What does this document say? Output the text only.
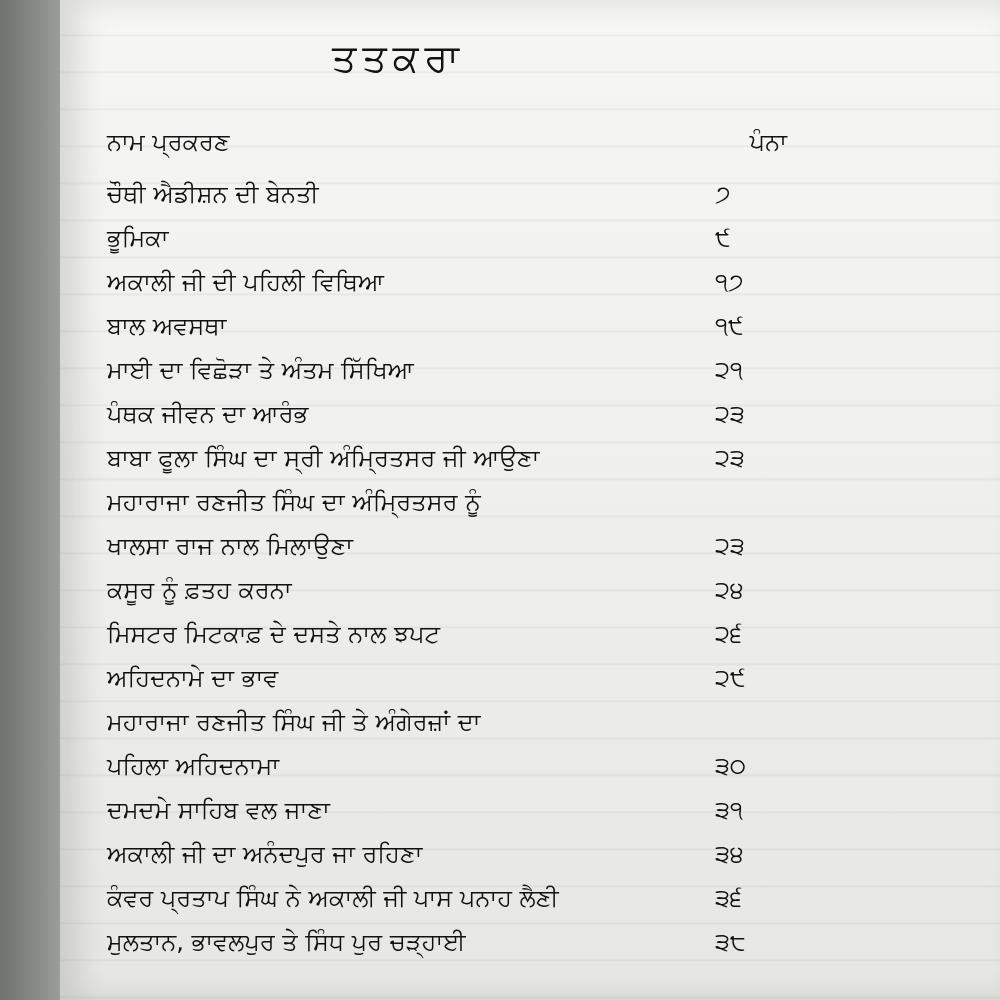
ਤਤਕਰਾ
ਨਾਮ ਪ੍ਰਕਰਣ	ਪੰਨਾ
ਚੌਥੀ ਐਡੀਸ਼ਨ ਦੀ ਬੇਨਤੀ	੭
ਭੂਮਿਕਾ	੯
ਅਕਾਲੀ ਜੀ ਦੀ ਪਹਿਲੀ ਵਿਥਿਆ	੧੭
ਬਾਲ ਅਵਸਥਾ	੧੯
ਮਾਈ ਦਾ ਵਿਛੋੜਾ ਤੇ ਅੰਤਮ ਸਿੱਖਿਆ	੨੧
ਪੰਥਕ ਜੀਵਨ ਦਾ ਆਰੰਭ	੨੩
ਬਾਬਾ ਫੂਲਾ ਸਿੰਘ ਦਾ ਸ੍ਰੀ ਅੰਮ੍ਰਿਤਸਰ ਜੀ ਆਉਣਾ	੨੩
ਮਹਾਰਾਜਾ ਰਣਜੀਤ ਸਿੰਘ ਦਾ ਅੰਮ੍ਰਿਤਸਰ ਨੂੰ
ਖਾਲਸਾ ਰਾਜ ਨਾਲ ਮਿਲਾਉਣਾ	੨੩
ਕਸੂਰ ਨੂੰ ਫ਼ਤਹ ਕਰਨਾ	੨੪
ਮਿਸਟਰ ਮਿਟਕਾਫ਼ ਦੇ ਦਸਤੇ ਨਾਲ ਝਪਟ	੨੬
ਅਹਿਦਨਾਮੇ ਦਾ ਭਾਵ	੨੯
ਮਹਾਰਾਜਾ ਰਣਜੀਤ ਸਿੰਘ ਜੀ ਤੇ ਅੰਗੇਰਜ਼ਾਂ ਦਾ
ਪਹਿਲਾ ਅਹਿਦਨਾਮਾ	੩੦
ਦਮਦਮੇ ਸਾਹਿਬ ਵਲ ਜਾਣਾ	੩੧
ਅਕਾਲੀ ਜੀ ਦਾ ਅਨੰਦਪੁਰ ਜਾ ਰਹਿਣਾ	੩੪
ਕੰਵਰ ਪ੍ਰਤਾਪ ਸਿੰਘ ਨੇ ਅਕਾਲੀ ਜੀ ਪਾਸ ਪਨਾਹ ਲੈਣੀ	੩੬
ਮੁਲਤਾਨ, ਭਾਵਲਪੁਰ ਤੇ ਸਿੰਧ ਪੁਰ ਚੜ੍ਹਾਈ	੩੮
